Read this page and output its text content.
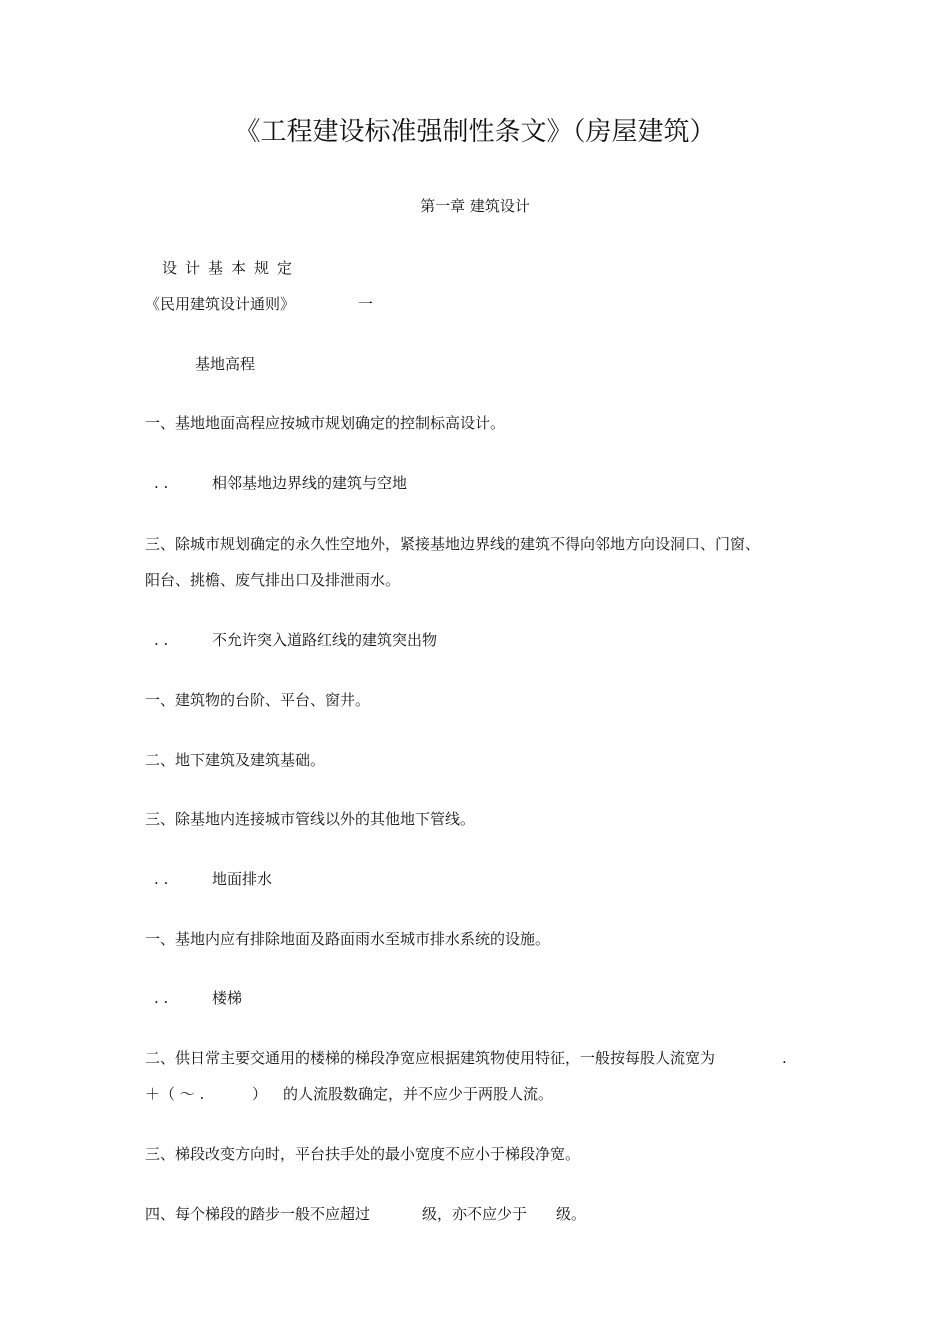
《工程建设标准强制性条文》（房屋建筑）
第一章 建筑设计
设计基本规定
《民用建筑设计通则》	一
基地高程
一、基地地面高程应按城市规划确定的控制标高设计。
. .	相邻基地边界线的建筑与空地
三、除城市规划确定的永久性空地外，紧接基地边界线的建筑不得向邻地方向设洞口、门窗、
阳台、挑檐、废气排出口及排泄雨水。
. .	不允许突入道路红线的建筑突出物
一、建筑物的台阶、平台、窗井。
二、地下建筑及建筑基础。
三、除基地内连接城市管线以外的其他地下管线。
. .	地面排水
一、基地内应有排除地面及路面雨水至城市排水系统的设施。
. .	楼梯
二、供日常主要交通用的楼梯的梯段净宽应根据建筑物使用特征，一般按每股人流宽为	.
＋（ ～ .	） 的人流股数确定，并不应少于两股人流。
三、梯段改变方向时，平台扶手处的最小宽度不应小于梯段净宽。
四、每个梯段的踏步一般不应超过	级，亦不应少于 级。
